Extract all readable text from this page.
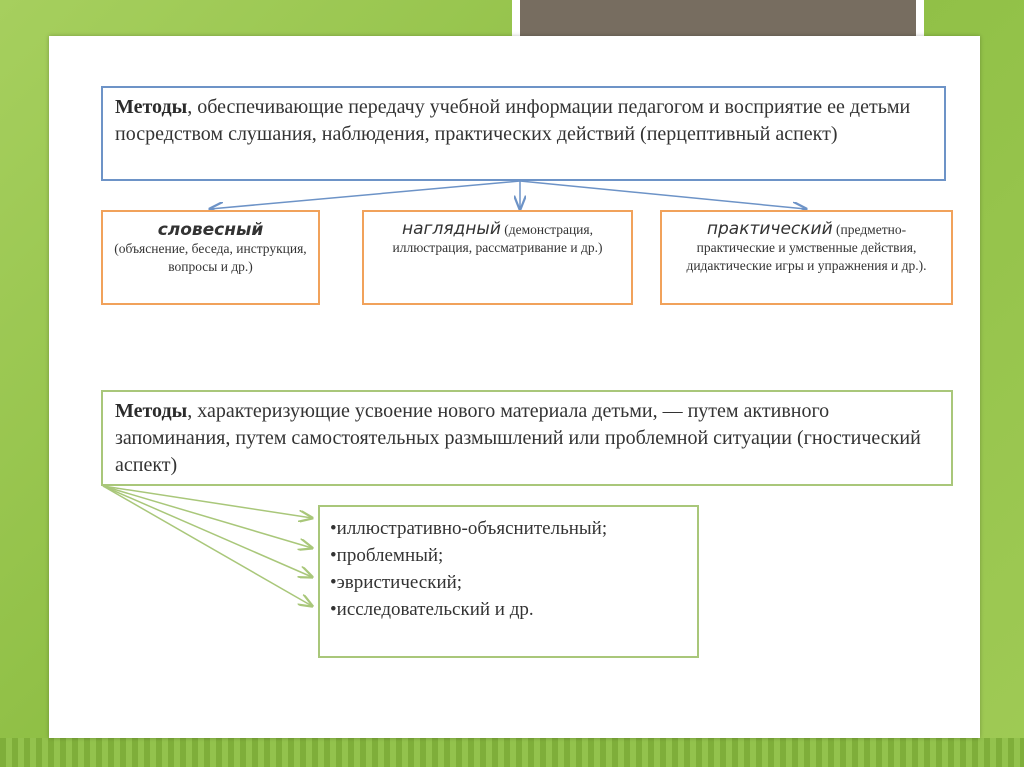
Методы, обеспечивающие передачу учебной информации педагогом и восприятие ее детьми посредством слушания, наблюдения, практических действий (перцептивный аспект)
словесный
(объяснение, беседа, инструкция, вопросы и др.)
наглядный (демонстрация, иллюстрация, рассматривание и др.)
практический (предметно-практические и умственные действия, дидактические игры и упражнения и др.).
Методы, характеризующие усвоение нового материала детьми, — путем активного запоминания, путем самостоятельных размышлений или проблемной ситуации (гностический аспект)
•иллюстративно-объяснительный;
•проблемный;
•эвристический;
•исследовательский и др.
